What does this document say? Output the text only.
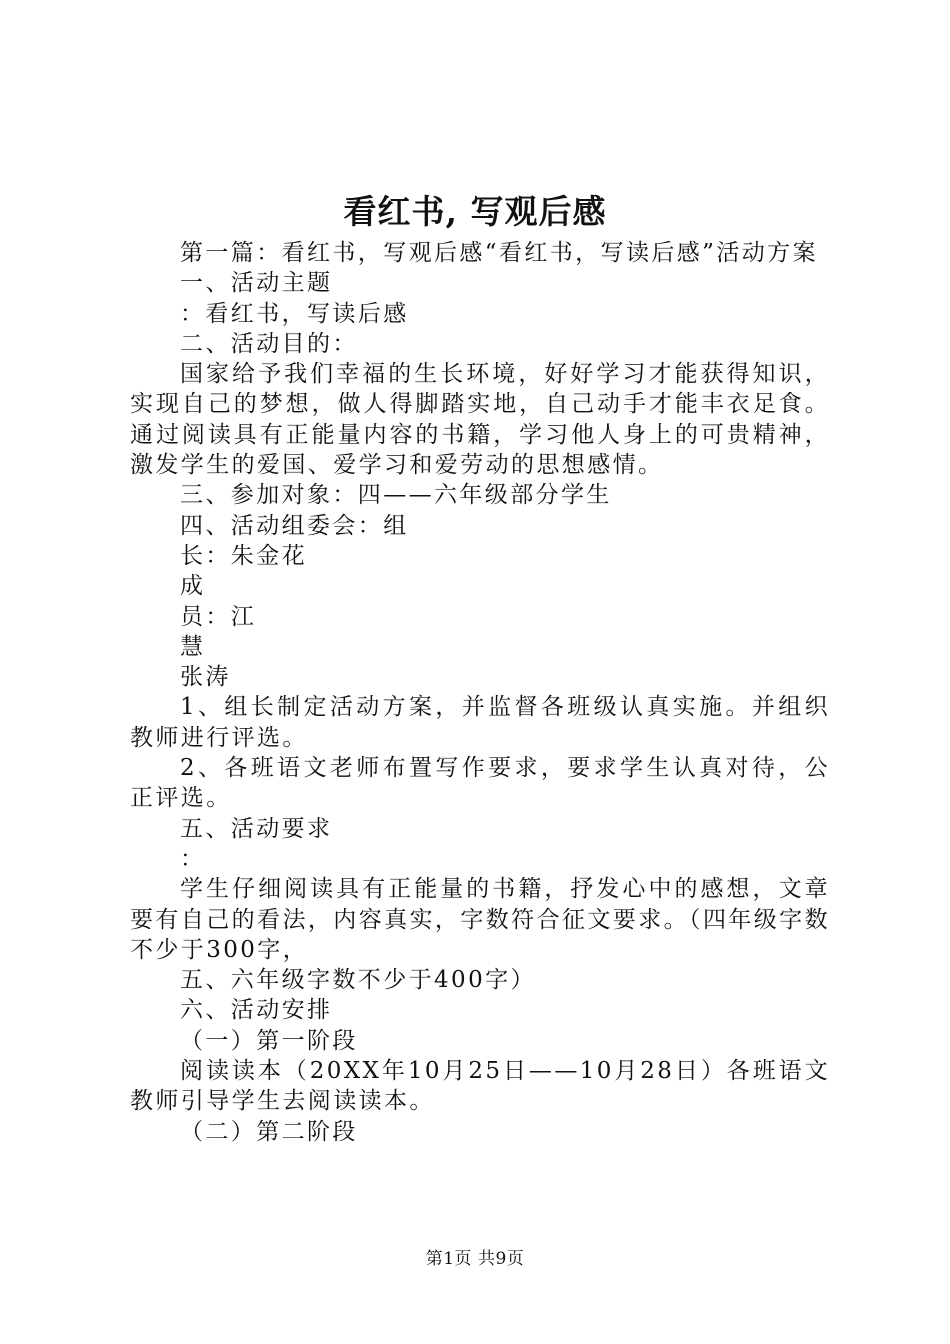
看红书, 写观后感

第一篇：看红书，写观后感“看红书，写读后感”活动方案

一、活动主题

：看红书，写读后感

二、活动目的：

国家给予我们幸福的生长环境，好好学习才能获得知识，实现自己的梦想，做人得脚踏实地，自己动手才能丰衣足食。通过阅读具有正能量内容的书籍，学习他人身上的可贵精神，激发学生的爱国、爱学习和爱劳动的思想感情。

三、参加对象：四——六年级部分学生

四、活动组委会：组

长：朱金花

成

员：江

慧

张涛

1、组长制定活动方案，并监督各班级认真实施。并组织教师进行评选。

2、各班语文老师布置写作要求，要求学生认真对待，公正评选。

五、活动要求

：

学生仔细阅读具有正能量的书籍，抒发心中的感想，文章要有自己的看法，内容真实，字数符合征文要求。（四年级字数不少于300字，

五、六年级字数不少于400字）

六、活动安排

（一）第一阶段

阅读读本（20XX年10月25日——10月28日）各班语文教师引导学生去阅读读本。

（二）第二阶段

第1页 共9页
